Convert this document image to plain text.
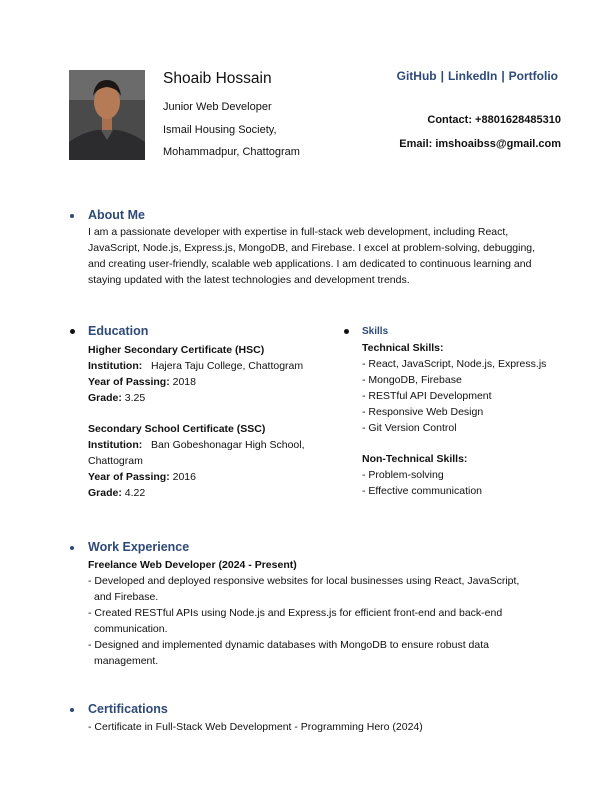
Shoaib Hossain
Junior Web Developer
Ismail Housing Society,
Mohammadpur, Chattogram
GitHub | LinkedIn | Portfolio
Contact: +8801628485310
Email: imshoaibss@gmail.com
About Me
I am a passionate developer with expertise in full-stack web development, including React,
JavaScript, Node.js, Express.js, MongoDB, and Firebase. I excel at problem-solving, debugging,
and creating user-friendly, scalable web applications. I am dedicated to continuous learning and
staying updated with the latest technologies and development trends.
Education
Higher Secondary Certificate (HSC)
Institution: Hajera Taju College, Chattogram
Year of Passing: 2018
Grade: 3.25
Secondary School Certificate (SSC)
Institution: Ban Gobeshonagar High School,
Chattogram
Year of Passing: 2016
Grade: 4.22
Skills
Technical Skills:
- React, JavaScript, Node.js, Express.js
- MongoDB, Firebase
- RESTful API Development
- Responsive Web Design
- Git Version Control
Non-Technical Skills:
- Problem-solving
- Effective communication
Work Experience
Freelance Web Developer (2024 - Present)
- Developed and deployed responsive websites for local businesses using React, JavaScript,
and Firebase.
- Created RESTful APIs using Node.js and Express.js for efficient front-end and back-end
communication.
- Designed and implemented dynamic databases with MongoDB to ensure robust data
management.
Certifications
- Certificate in Full-Stack Web Development - Programming Hero (2024)
